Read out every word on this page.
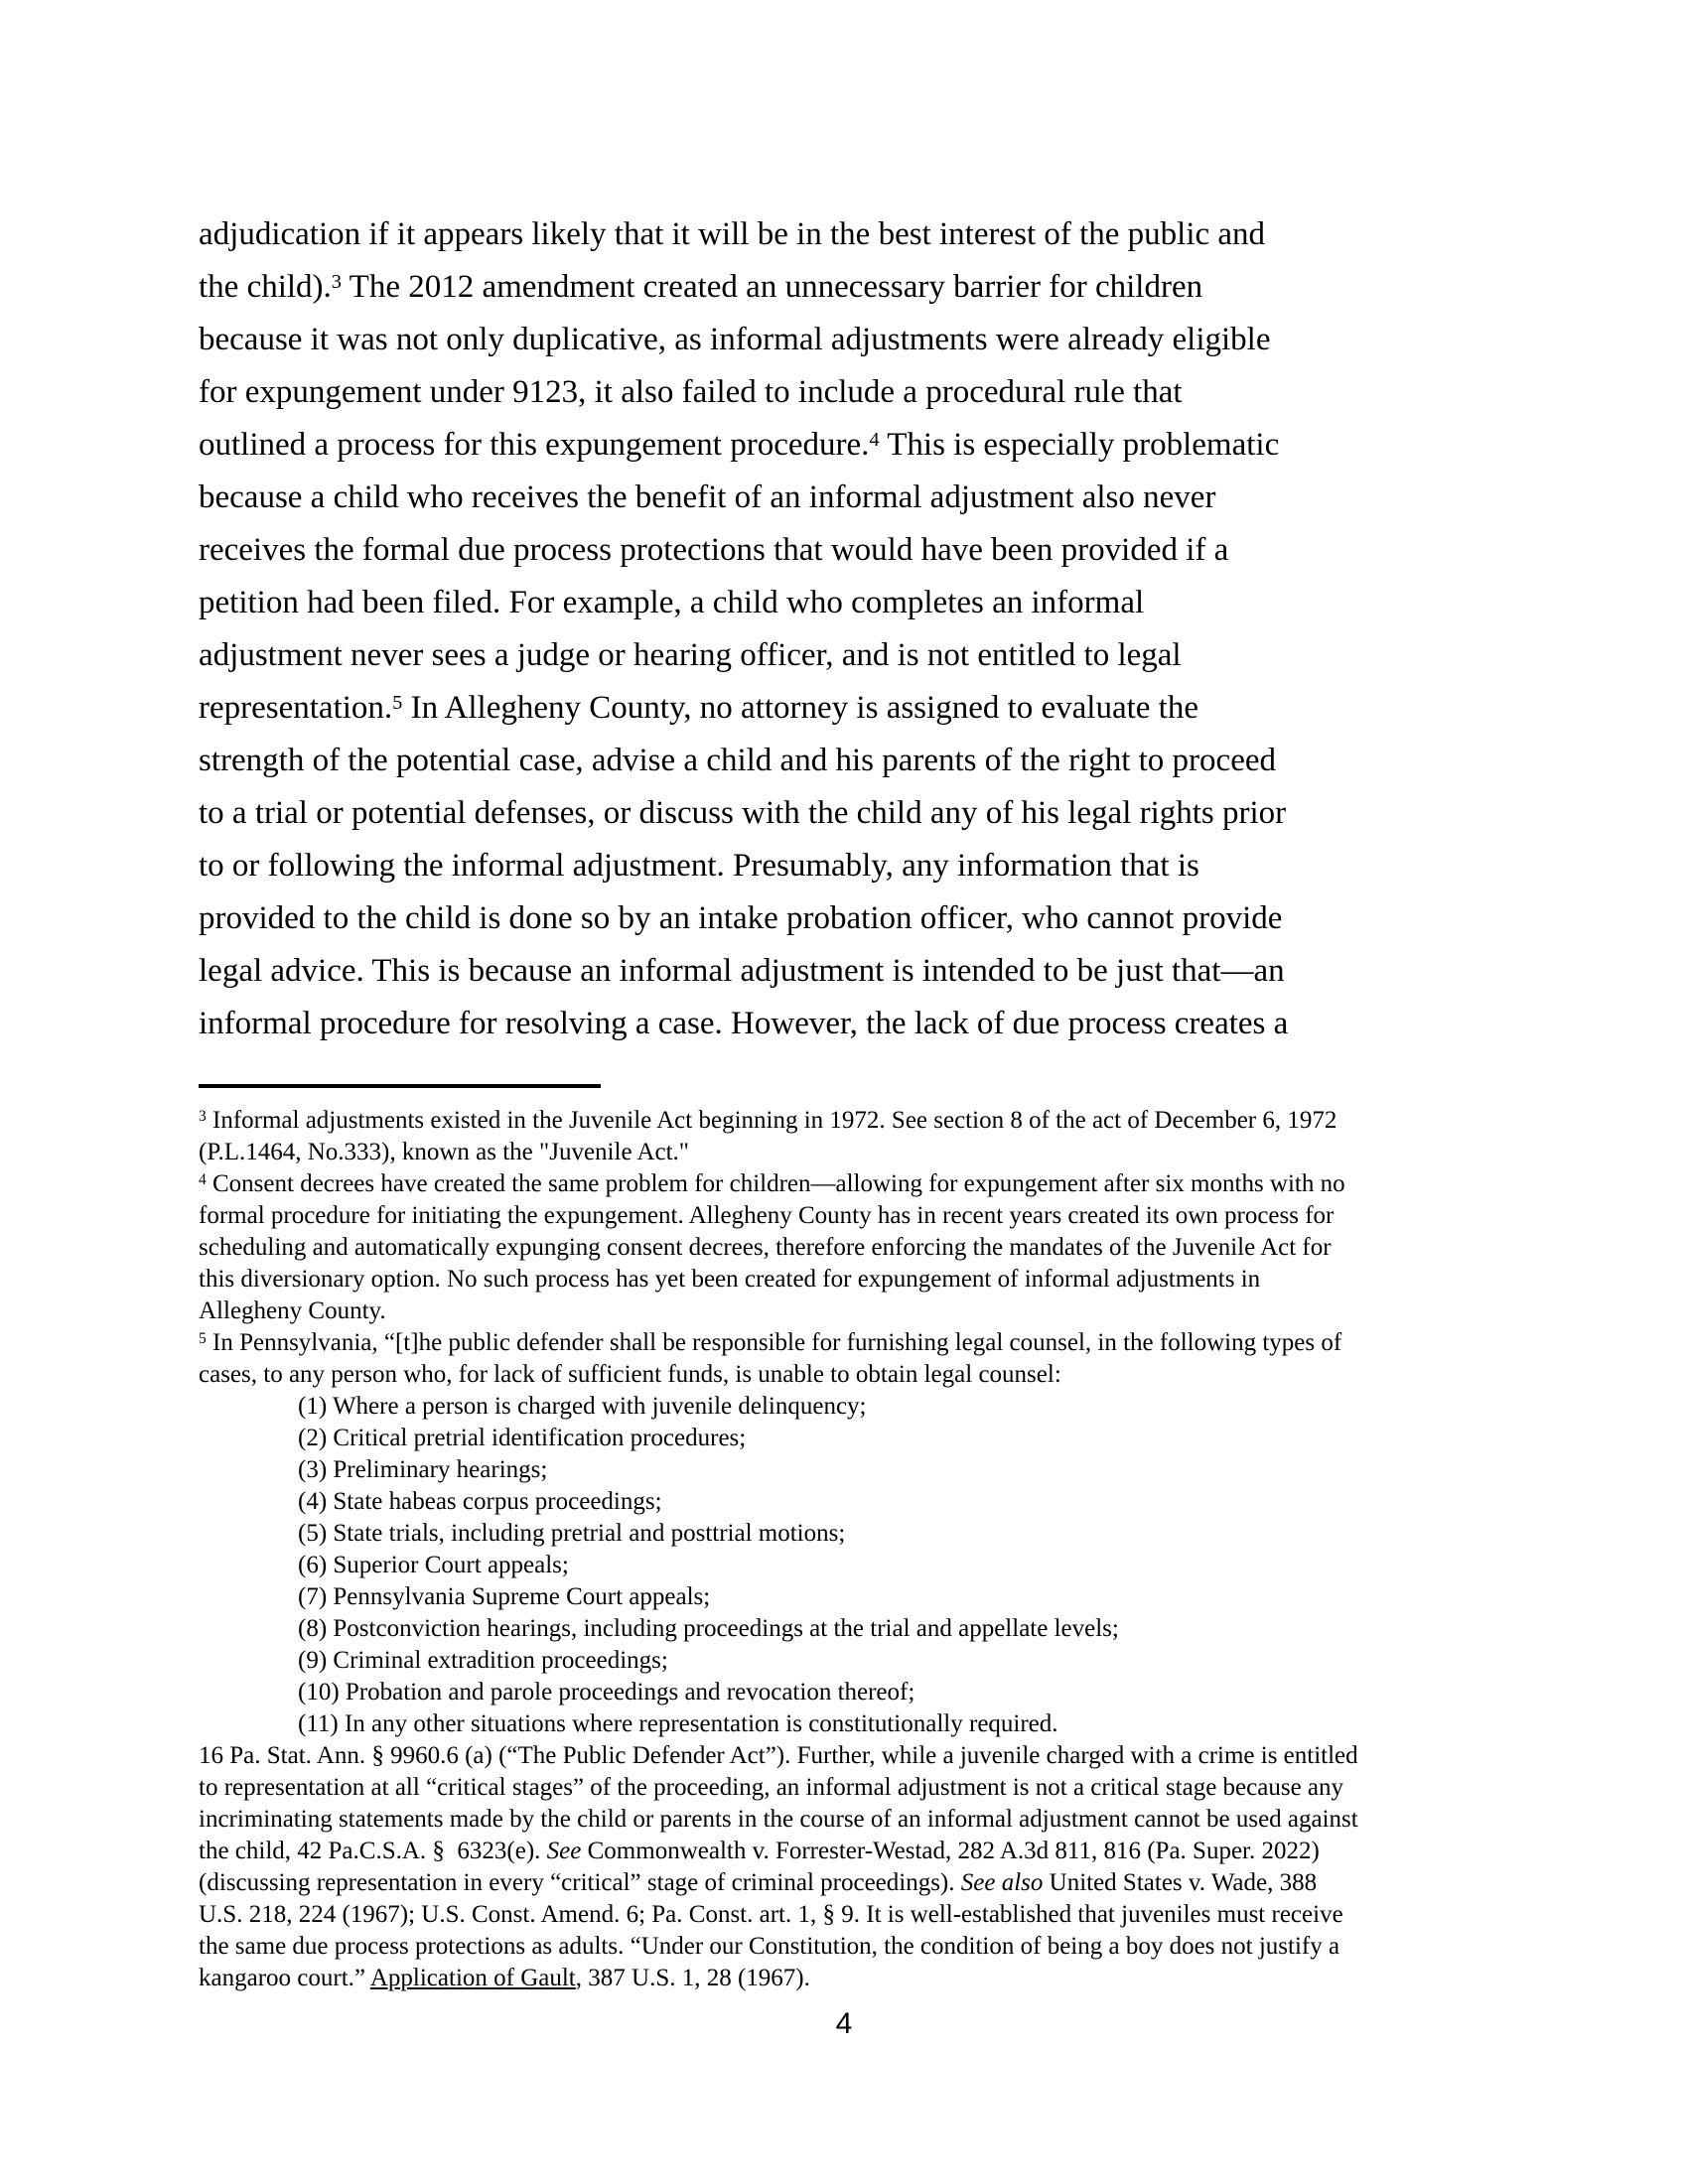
adjudication if it appears likely that it will be in the best interest of the public and
the child).$^3$ The 2012 amendment created an unnecessary barrier for children
because it was not only duplicative, as informal adjustments were already eligible
for expungement under 9123, it also failed to include a procedural rule that
outlined a process for this expungement procedure.$^4$ This is especially problematic
because a child who receives the benefit of an informal adjustment also never
receives the formal due process protections that would have been provided if a
petition had been filed. For example, a child who completes an informal
adjustment never sees a judge or hearing officer, and is not entitled to legal
representation.$^5$ In Allegheny County, no attorney is assigned to evaluate the
strength of the potential case, advise a child and his parents of the right to proceed
to a trial or potential defenses, or discuss with the child any of his legal rights prior
to or following the informal adjustment. Presumably, any information that is
provided to the child is done so by an intake probation officer, who cannot provide
legal advice. This is because an informal adjustment is intended to be just that—an
informal procedure for resolving a case. However, the lack of due process creates a
$^3$ Informal adjustments existed in the Juvenile Act beginning in 1972. See section 8 of the act of December 6, 1972
(P.L.1464, No.333), known as the "Juvenile Act."
$^4$ Consent decrees have created the same problem for children—allowing for expungement after six months with no
formal procedure for initiating the expungement. Allegheny County has in recent years created its own process for
scheduling and automatically expunging consent decrees, therefore enforcing the mandates of the Juvenile Act for
this diversionary option. No such process has yet been created for expungement of informal adjustments in
Allegheny County.
$^5$ In Pennsylvania, “[t]he public defender shall be responsible for furnishing legal counsel, in the following types of
cases, to any person who, for lack of sufficient funds, is unable to obtain legal counsel:
(1) Where a person is charged with juvenile delinquency;
(2) Critical pretrial identification procedures;
(3) Preliminary hearings;
(4) State habeas corpus proceedings;
(5) State trials, including pretrial and posttrial motions;
(6) Superior Court appeals;
(7) Pennsylvania Supreme Court appeals;
(8) Postconviction hearings, including proceedings at the trial and appellate levels;
(9) Criminal extradition proceedings;
(10) Probation and parole proceedings and revocation thereof;
(11) In any other situations where representation is constitutionally required.
16 Pa. Stat. Ann. § 9960.6 (a) (“The Public Defender Act”). Further, while a juvenile charged with a crime is entitled
to representation at all “critical stages” of the proceeding, an informal adjustment is not a critical stage because any
incriminating statements made by the child or parents in the course of an informal adjustment cannot be used against
the child, 42 Pa.C.S.A. §  6323(e). See Commonwealth v. Forrester-Westad, 282 A.3d 811, 816 (Pa. Super. 2022)
(discussing representation in every “critical” stage of criminal proceedings). See also United States v. Wade, 388
U.S. 218, 224 (1967); U.S. Const. Amend. 6; Pa. Const. art. 1, § 9. It is well-established that juveniles must receive
the same due process protections as adults. “Under our Constitution, the condition of being a boy does not justify a
kangaroo court.” Application of Gault, 387 U.S. 1, 28 (1967).
4
